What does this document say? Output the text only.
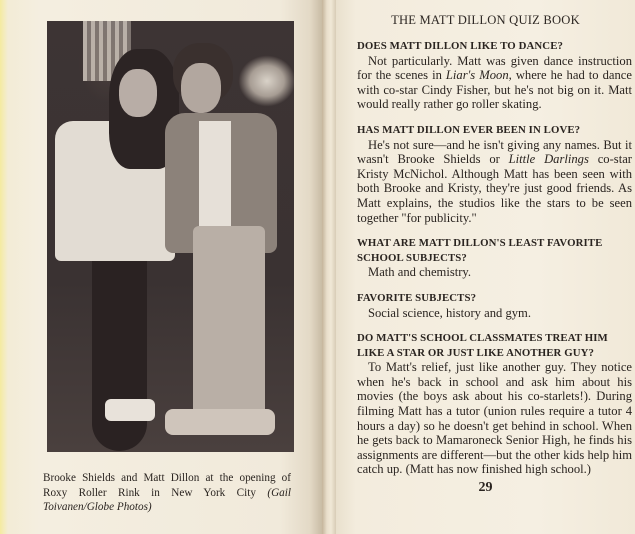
Brooke Shields and Matt Dillon at the opening of Roxy Roller Rink in New York City (Gail Toivanen/Globe Photos)
THE MATT DILLON QUIZ BOOK
DOES MATT DILLON LIKE TO DANCE?
Not particularly. Matt was given dance instruction for the scenes in Liar's Moon, where he had to dance with co-star Cindy Fisher, but he's not big on it. Matt would really rather go roller skating.
HAS MATT DILLON EVER BEEN IN LOVE?
He's not sure—and he isn't giving any names. But it wasn't Brooke Shields or Little Darlings co-star Kristy McNichol. Although Matt has been seen with both Brooke and Kristy, they're just good friends. As Matt explains, the studios like the stars to be seen together "for publicity."
WHAT ARE MATT DILLON'S LEAST FAVORITE SCHOOL SUBJECTS?
Math and chemistry.
FAVORITE SUBJECTS?
Social science, history and gym.
DO MATT'S SCHOOL CLASSMATES TREAT HIM LIKE A STAR OR JUST LIKE ANOTHER GUY?
To Matt's relief, just like another guy. They notice when he's back in school and ask him about his movies (the boys ask about his co-starlets!). During filming Matt has a tutor (union rules require a tutor 4 hours a day) so he doesn't get behind in school. When he gets back to Mamaroneck Senior High, he finds his assignments are different—but the other kids help him catch up. (Matt has now finished high school.)
29
